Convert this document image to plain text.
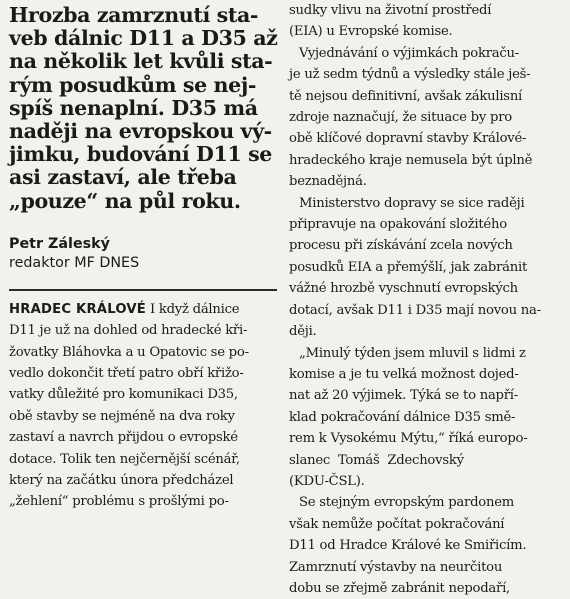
Hrozba zamrznutí sta-
veb dálnic D11 a D35 až
na několik let kvůli sta-
rým posudkům se nej-
spíš nenaplní. D35 má
naději na evropskou vý-
jimku, budování D11 se
asi zastaví, ale třeba
„pouze“ na půl roku.
Petr Záleský
redaktor MF DNES
HRADEC KRÁLOVÉ I když dálnice
D11 je už na dohled od hradecké kři-
žovatky Bláhovka a u Opatovic se po-
vedlo dokončit třetí patro obří křižo-
vatky důležité pro komunikaci D35,
obě stavby se nejméně na dva roky
zastaví a navrch přijdou o evropské
dotace. Tolik ten nejčernější scénář,
který na začátku února předcházel
„žehlení“ problému s prošlými po-
sudky vlivu na životní prostředí
(EIA) u Evropské komise.
Vyjednávání o výjimkách pokraču-
je už sedm týdnů a výsledky stále ješ-
tě nejsou definitivní, avšak zákulisní
zdroje naznačují, že situace by pro
obě klíčové dopravní stavby Králové-
hradeckého kraje nemusela být úplně
beznadějná.
Ministerstvo dopravy se sice raději
připravuje na opakování složitého
procesu při získávání zcela nových
posudků EIA a přemýšlí, jak zabránit
vážné hrozbě vyschnutí evropských
dotací, avšak D11 i D35 mají novou na-
ději.
„Minulý týden jsem mluvil s lidmi z
komise a je tu velká možnost dojed-
nat až 20 výjimek. Týká se to napří-
klad pokračování dálnice D35 smě-
rem k Vysokému Mýtu,“ říká europo-
slanec  Tomáš  Zdechovský
(KDU-ČSL).
Se stejným evropským pardonem
však nemůže počítat pokračování
D11 od Hradce Králové ke Smiřicím.
Zamrznutí výstavby na neurčitou
dobu se zřejmě zabránit nepodaří,
